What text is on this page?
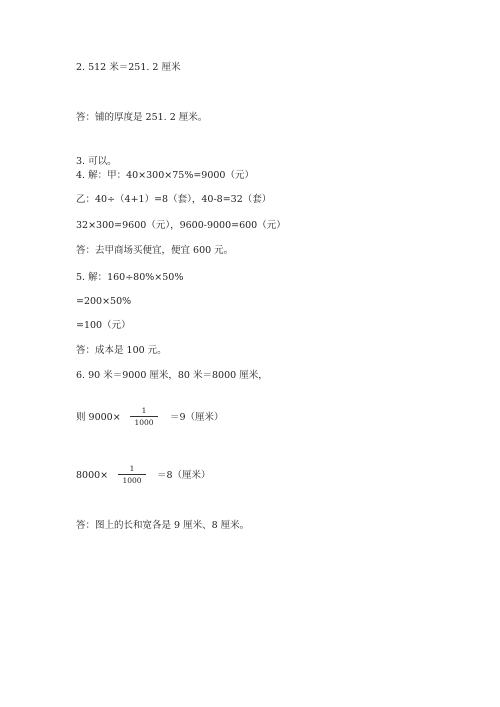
2. 512 米＝251. 2 厘米
答：铺的厚度是 251. 2 厘米。
3. 可以。
4. 解：甲：40×300×75%=9000（元）
乙：40÷（4+1）=8（套），40-8=32（套）
32×300=9600（元），9600-9000=600（元）
答：去甲商场买便宜，便宜 600 元。
5. 解：160÷80%×50%
=200×50%
=100（元）
答：成本是 100 元。
6. 90 米＝9000 厘米，80 米＝8000 厘米，
则 9000×
1
1000	＝9（厘米）
8000×
1
1000	＝8（厘米）
答：图上的长和宽各是 9 厘米、8 厘米。
